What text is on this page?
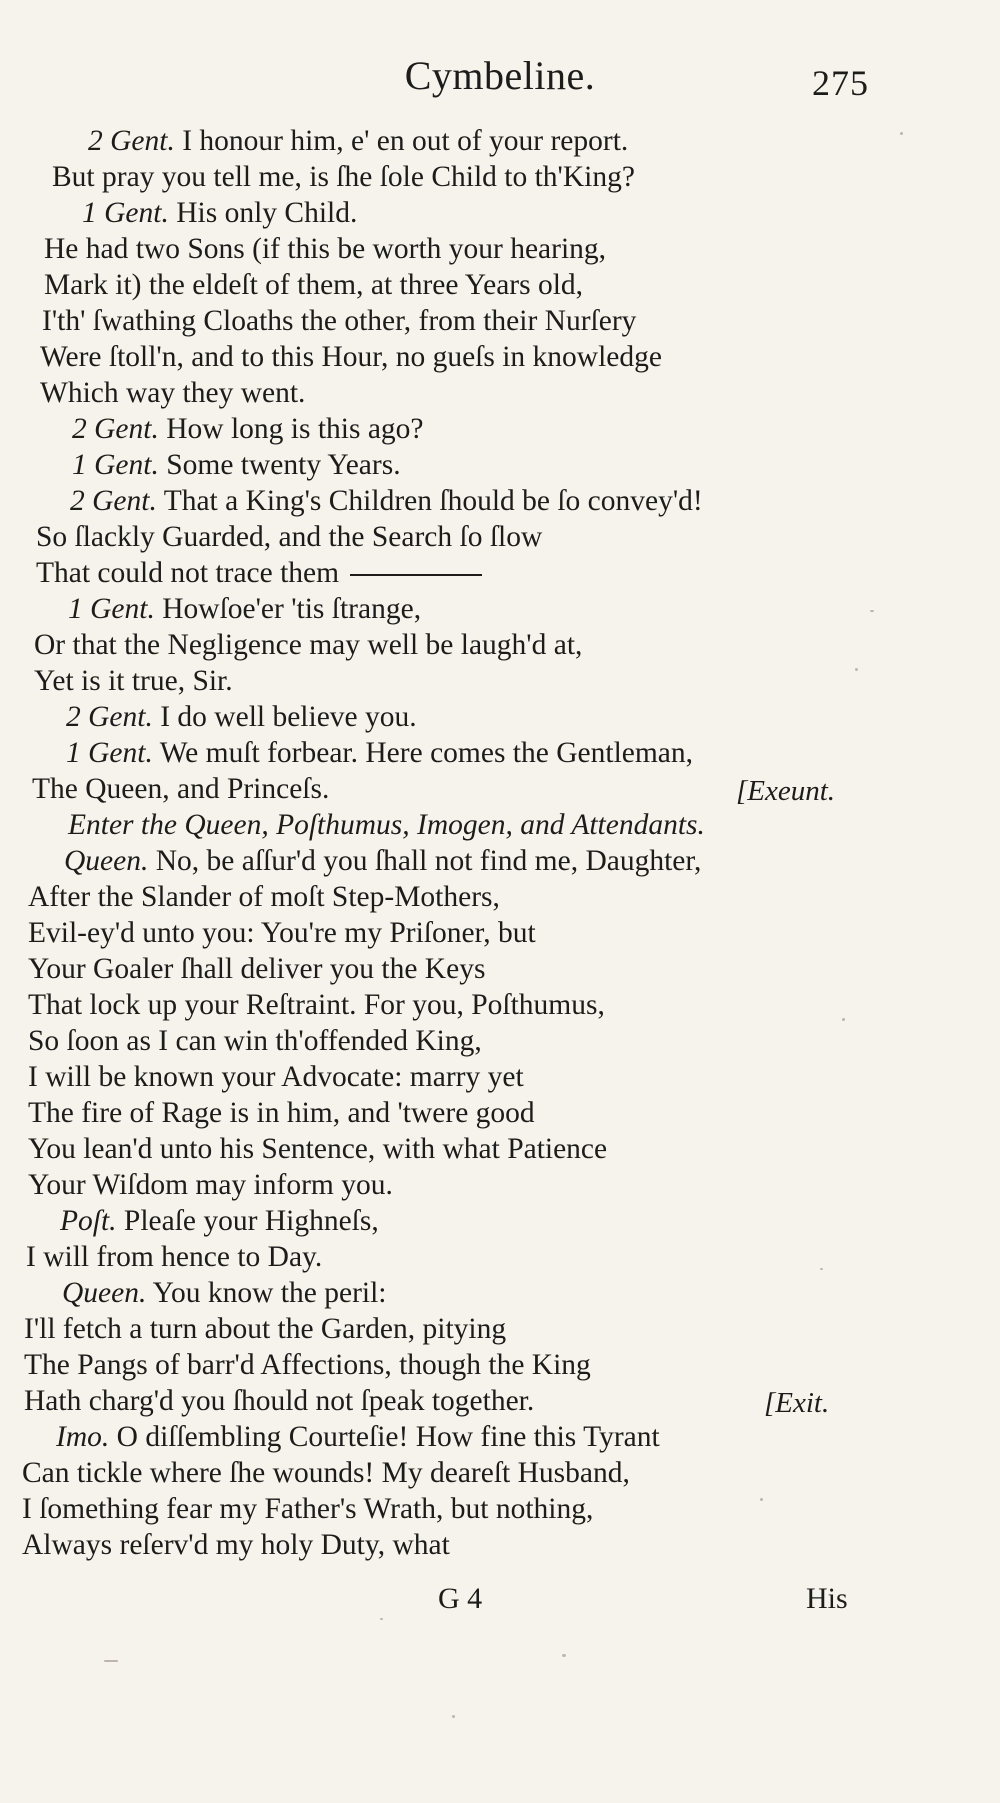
Cymbeline.	275
2 Gent. I honour him, e' en out of your report.
But pray you tell me, is ſhe ſole Child to th'King?
1 Gent. His only Child.
He had two Sons (if this be worth your hearing,
Mark it) the eldeſt of them, at three Years old,
I'th' ſwathing Cloaths the other, from their Nurſery
Were ſtoll'n, and to this Hour, no gueſs in knowledge
Which way they went.
2 Gent. How long is this ago?
1 Gent. Some twenty Years.
2 Gent. That a King's Children ſhould be ſo convey'd!
So ſlackly Guarded, and the Search ſo ſlow
That could not trace them
1 Gent. Howſoe'er 'tis ſtrange,
Or that the Negligence may well be laugh'd at,
Yet is it true, Sir.
2 Gent. I do well believe you.
1 Gent. We muſt forbear. Here comes the Gentleman,
The Queen, and Princeſs.	[Exeunt.
Enter the Queen, Poſthumus, Imogen, and Attendants.
Queen. No, be aſſur'd you ſhall not find me, Daughter,
After the Slander of moſt Step-Mothers,
Evil-ey'd unto you: You're my Priſoner, but
Your Goaler ſhall deliver you the Keys
That lock up your Reſtraint. For you, Poſthumus,
So ſoon as I can win th'offended King,
I will be known your Advocate: marry yet
The fire of Rage is in him, and 'twere good
You lean'd unto his Sentence, with what Patience
Your Wiſdom may inform you.
Poſt. Pleaſe your Highneſs,
I will from hence to Day.
Queen. You know the peril:
I'll fetch a turn about the Garden, pitying
The Pangs of barr'd Affections, though the King
Hath charg'd you ſhould not ſpeak together.	[Exit.
Imo. O diſſembling Courteſie! How fine this Tyrant
Can tickle where ſhe wounds! My deareſt Husband,
I ſomething fear my Father's Wrath, but nothing,
Always reſerv'd my holy Duty, what
G 4	His
